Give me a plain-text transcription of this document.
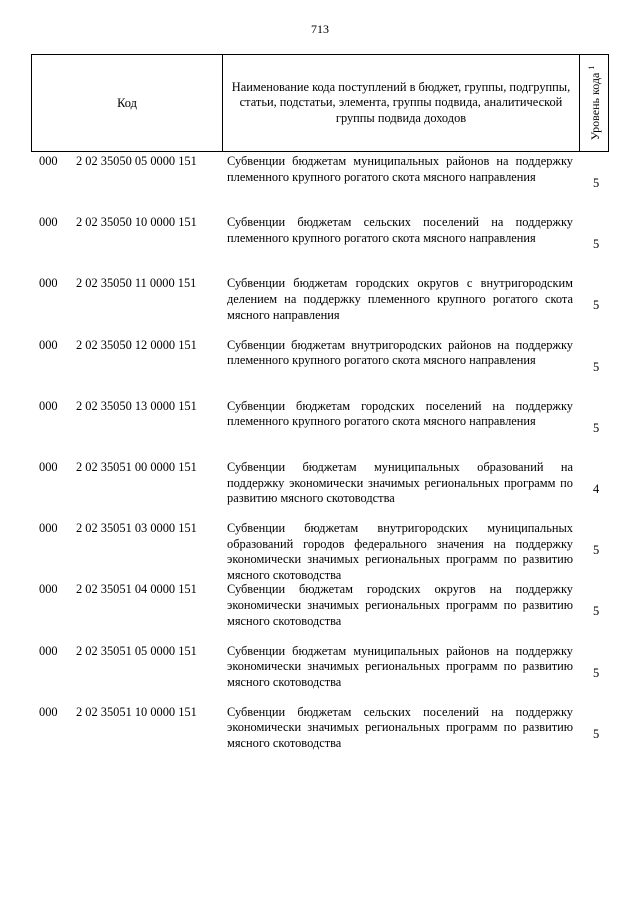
713
Код
Наименование кода поступлений в бюджет, группы, подгруппы, статьи, подстатьи, элемента, группы подвида, аналитической группы подвида доходов	Уровень кода $^1$
000 2 02 35050 05 0000 151 Субвенции бюджетам муниципальных районов на поддержку племенного крупного рогатого скота мясного направления	5
000 2 02 35050 10 0000 151 Субвенции бюджетам сельских поселений на поддержку племенного крупного рогатого скота мясного направления	5
000 2 02 35050 11 0000 151 Субвенции бюджетам городских округов с внутригородским делением на поддержку племенного крупного рогатого скота мясного направления
5
000 2 02 35050 12 0000 151 Субвенции бюджетам внутригородских районов на поддержку племенного крупного рогатого скота мясного направления	5
000 2 02 35050 13 0000 151 Субвенции бюджетам городских поселений на поддержку племенного крупного рогатого скота мясного направления	5
000 2 02 35051 00 0000 151 Субвенции бюджетам муниципальных образований на поддержку экономически значимых региональных программ по развитию мясного скотоводства
4
000 2 02 35051 03 0000 151 Субвенции бюджетам внутригородских муниципальных образований городов федерального значения на поддержку экономически значимых региональных программ по развитию мясного скотоводства
5
000 2 02 35051 04 0000 151 Субвенции бюджетам городских округов на поддержку экономически значимых региональных программ по развитию мясного скотоводства
5
000 2 02 35051 05 0000 151 Субвенции бюджетам муниципальных районов на поддержку экономически значимых региональных программ по развитию мясного скотоводства
5
000 2 02 35051 10 0000 151 Субвенции бюджетам сельских поселений на поддержку экономически значимых региональных программ по развитию мясного скотоводства
5
